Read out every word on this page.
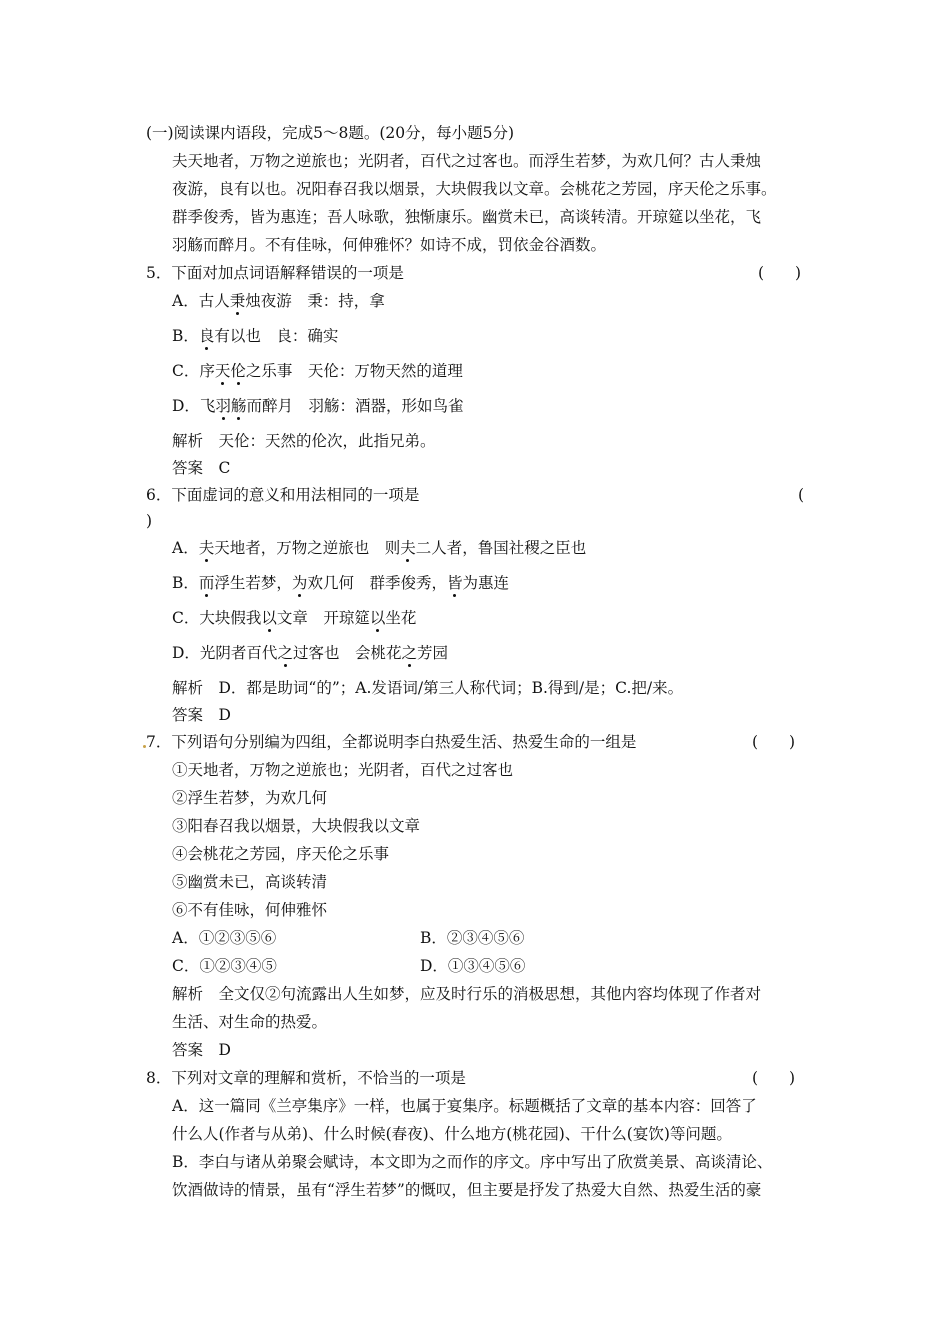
(一)阅读课内语段，完成5～8题。(20分，每小题5分)
夫天地者，万物之逆旅也；光阴者，百代之过客也。而浮生若梦，为欢几何？古人秉烛
夜游，良有以也。况阳春召我以烟景，大块假我以文章。会桃花之芳园，序天伦之乐事。
群季俊秀，皆为惠连；吾人咏歌，独惭康乐。幽赏未已，高谈转清。开琼筵以坐花，飞
羽觞而醉月。不有佳咏，何伸雅怀？如诗不成，罚依金谷酒数。
5．下面对加点词语解释错误的一项是	(　　)
A．古人秉烛夜游　秉：持，拿
B．良有以也　良：确实
C．序天伦之乐事　天伦：万物天然的道理
D．飞羽觞而醉月　羽觞：酒器，形如鸟雀
解析　天伦：天然的伦次，此指兄弟。
答案　C
6．下面虚词的意义和用法相同的一项是	(
)
A．夫天地者，万物之逆旅也　则夫二人者，鲁国社稷之臣也
B．而浮生若梦，为欢几何　群季俊秀，皆为惠连
C．大块假我以文章　开琼筵以坐花
D．光阴者百代之过客也　会桃花之芳园
解析　D．都是助词“的”；A.发语词/第三人称代词；B.得到/是；C.把/来。
答案　D
7．下列语句分别编为四组，全都说明李白热爱生活、热爱生命的一组是	(　　)
①天地者，万物之逆旅也；光阴者，百代之过客也
②浮生若梦，为欢几何
③阳春召我以烟景，大块假我以文章
④会桃花之芳园，序天伦之乐事
⑤幽赏未已，高谈转清
⑥不有佳咏，何伸雅怀
A．①②③⑤⑥	B．②③④⑤⑥
C．①②③④⑤	D．①③④⑤⑥
解析　全文仅②句流露出人生如梦，应及时行乐的消极思想，其他内容均体现了作者对
生活、对生命的热爱。
答案　D
8．下列对文章的理解和赏析，不恰当的一项是	(　　)
A．这一篇同《兰亭集序》一样，也属于宴集序。标题概括了文章的基本内容：回答了
什么人(作者与从弟)、什么时候(春夜)、什么地方(桃花园)、干什么(宴饮)等问题。
B．李白与诸从弟聚会赋诗，本文即为之而作的序文。序中写出了欣赏美景、高谈清论、
饮酒做诗的情景，虽有“浮生若梦”的慨叹，但主要是抒发了热爱大自然、热爱生活的豪
